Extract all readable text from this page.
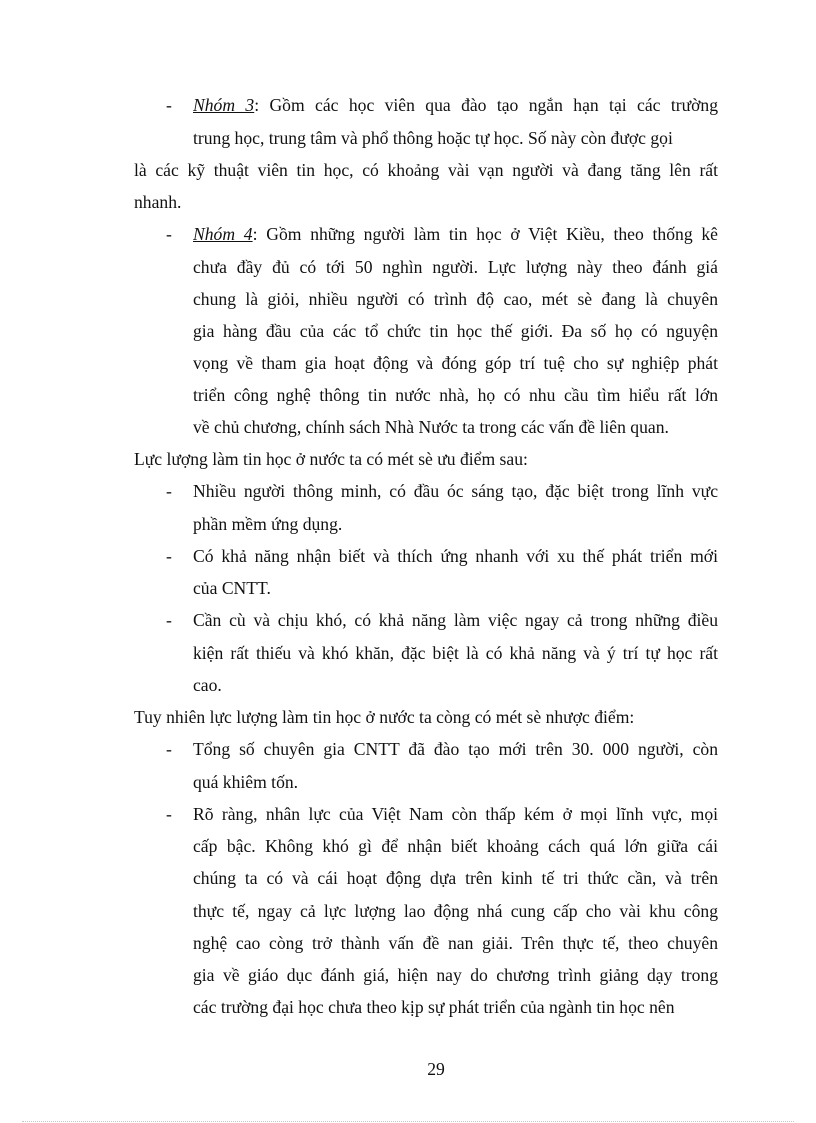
- Nhóm 3: Gồm các học viên qua đào tạo ngắn hạn tại các trường
trung học, trung tâm và phổ thông hoặc tự học. Số này còn được gọi
là các kỹ thuật viên tin học, có khoảng vài vạn người và đang tăng lên rất
nhanh.
- Nhóm 4: Gồm những người làm tin học ở Việt Kiều, theo thống kê
chưa đầy đủ có tới 50 nghìn người. Lực lượng này theo đánh giá
chung là giỏi, nhiều người có trình độ cao, mét sè đang là chuyên
gia hàng đầu của các tổ chức tin học thế giới. Đa số họ có nguyện
vọng về tham gia hoạt động và đóng góp trí tuệ cho sự nghiệp phát
triển công nghệ thông tin nước nhà, họ có nhu cầu tìm hiểu rất lớn
về chủ chương, chính sách Nhà Nước ta trong các vấn đề liên quan.
Lực lượng làm tin học ở nước ta có mét sè ưu điểm sau:
- Nhiều người thông minh, có đầu óc sáng tạo, đặc biệt trong lĩnh vực
phần mềm ứng dụng.
- Có khả năng nhận biết và thích ứng nhanh với xu thế phát triển mới
của CNTT.
- Cần cù và chịu khó, có khả năng làm việc ngay cả trong những điều
kiện rất thiếu và khó khăn, đặc biệt là có khả năng và ý trí tự học rất
cao.
Tuy nhiên lực lượng làm tin học ở nước ta còng có mét sè nhược điểm:
- Tổng số chuyên gia CNTT đã đào tạo mới trên 30. 000 người, còn
quá khiêm tốn.
- Rõ ràng, nhân lực của Việt Nam còn thấp kém ở mọi lĩnh vực, mọi
cấp bậc. Không khó gì để nhận biết khoảng cách quá lớn giữa cái
chúng ta có và cái hoạt động dựa trên kinh tế tri thức cần, và trên
thực tế, ngay cả lực lượng lao động nhá cung cấp cho vài khu công
nghệ cao còng trở thành vấn đề nan giải. Trên thực tế, theo chuyên
gia về giáo dục đánh giá, hiện nay do chương trình giảng dạy trong
các trường đại học chưa theo kịp sự phát triển của ngành tin học nên
29
